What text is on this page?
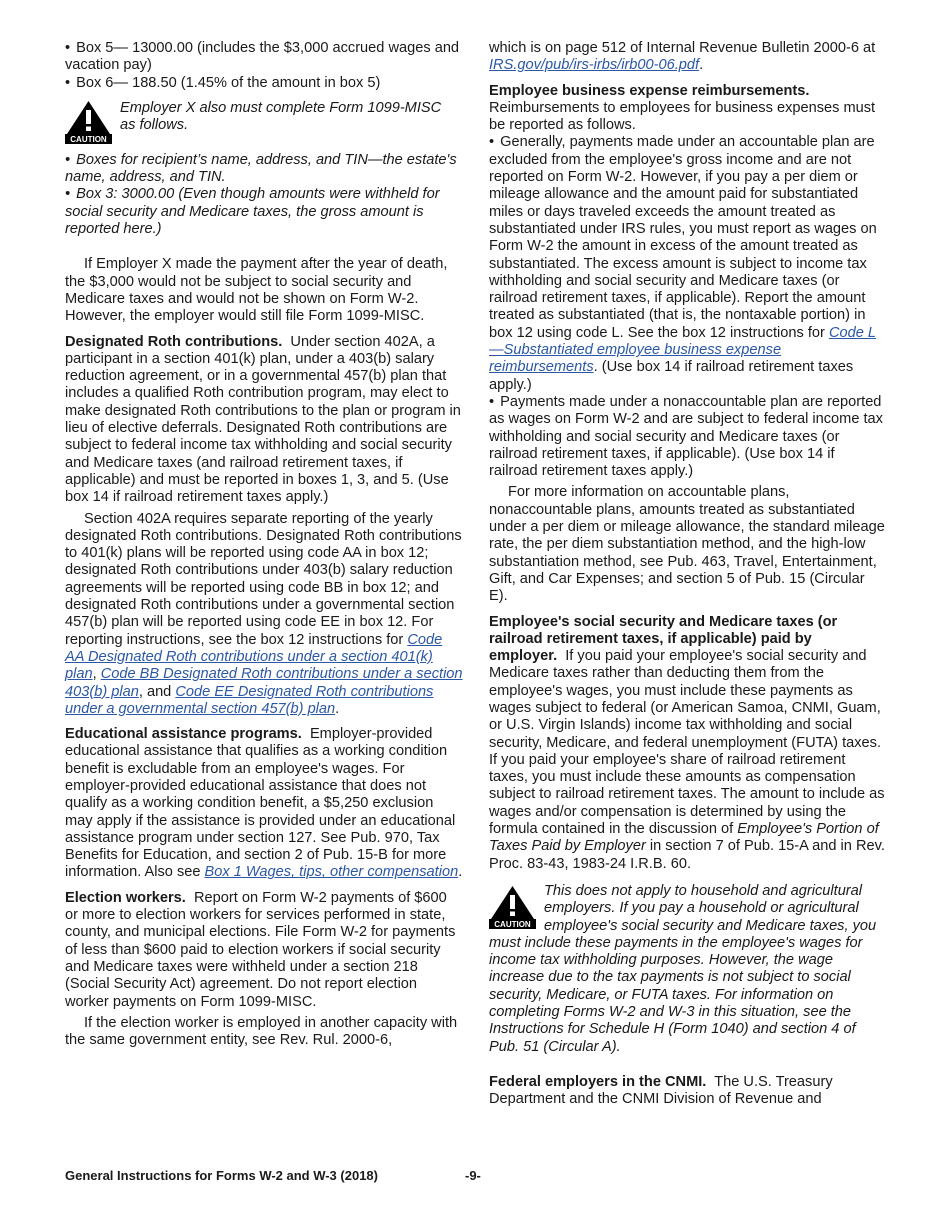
• Box 5— 13000.00 (includes the $3,000 accrued wages and vacation pay)

• Box 6— 188.50 (1.45% of the amount in box 5)

CAUTION

Employer X also must complete Form 1099-MISC as follows.

• Boxes for recipient’s name, address, and TIN—the estate's name, address, and TIN.

• Box 3: 3000.00 (Even though amounts were withheld for social security and Medicare taxes, the gross amount is reported here.)

If Employer X made the payment after the year of death, the $3,000 would not be subject to social security and Medicare taxes and would not be shown on Form W-2. However, the employer would still file Form 1099-MISC.

Designated Roth contributions. Under section 402A, a participant in a section 401(k) plan, under a 403(b) salary reduction agreement, or in a governmental 457(b) plan that includes a qualified Roth contribution program, may elect to make designated Roth contributions to the plan or program in lieu of elective deferrals. Designated Roth contributions are subject to federal income tax withholding and social security and Medicare taxes (and railroad retirement taxes, if applicable) and must be reported in boxes 1, 3, and 5. (Use box 14 if railroad retirement taxes apply.)

Section 402A requires separate reporting of the yearly designated Roth contributions. Designated Roth contributions to 401(k) plans will be reported using code AA in box 12; designated Roth contributions under 403(b) salary reduction agreements will be reported using code BB in box 12; and designated Roth contributions under a governmental section 457(b) plan will be reported using code EE in box 12. For reporting instructions, see the box 12 instructions for Code AA Designated Roth contributions under a section 401(k) plan, Code BB Designated Roth contributions under a section 403(b) plan, and Code EE Designated Roth contributions under a governmental section 457(b) plan.

Educational assistance programs. Employer-provided educational assistance that qualifies as a working condition benefit is excludable from an employee's wages. For employer-provided educational assistance that does not qualify as a working condition benefit, a $5,250 exclusion may apply if the assistance is provided under an educational assistance program under section 127. See Pub. 970, Tax Benefits for Education, and section 2 of Pub. 15-B for more information. Also see Box 1 Wages, tips, other compensation.

Election workers. Report on Form W-2 payments of $600 or more to election workers for services performed in state, county, and municipal elections. File Form W-2 for payments of less than $600 paid to election workers if social security and Medicare taxes were withheld under a section 218 (Social Security Act) agreement. Do not report election worker payments on Form 1099-MISC.

If the election worker is employed in another capacity with the same government entity, see Rev. Rul. 2000-6,

which is on page 512 of Internal Revenue Bulletin 2000-6 at IRS.gov/pub/irs-irbs/irb00-06.pdf.

Employee business expense reimbursements.

Reimbursements to employees for business expenses must be reported as follows.

• Generally, payments made under an accountable plan are excluded from the employee's gross income and are not reported on Form W-2. However, if you pay a per diem or mileage allowance and the amount paid for substantiated miles or days traveled exceeds the amount treated as substantiated under IRS rules, you must report as wages on Form W-2 the amount in excess of the amount treated as substantiated. The excess amount is subject to income tax withholding and social security and Medicare taxes (or railroad retirement taxes, if applicable). Report the amount treated as substantiated (that is, the nontaxable portion) in box 12 using code L. See the box 12 instructions for Code L—Substantiated employee business expense reimbursements. (Use box 14 if railroad retirement taxes apply.)

• Payments made under a nonaccountable plan are reported as wages on Form W-2 and are subject to federal income tax withholding and social security and Medicare taxes (or railroad retirement taxes, if applicable). (Use box 14 if railroad retirement taxes apply.)

For more information on accountable plans, nonaccountable plans, amounts treated as substantiated under a per diem or mileage allowance, the standard mileage rate, the per diem substantiation method, and the high-low substantiation method, see Pub. 463, Travel, Entertainment, Gift, and Car Expenses; and section 5 of Pub. 15 (Circular E).

Employee's social security and Medicare taxes (or railroad retirement taxes, if applicable) paid by employer. If you paid your employee's social security and Medicare taxes rather than deducting them from the employee's wages, you must include these payments as wages subject to federal (or American Samoa, CNMI, Guam, or U.S. Virgin Islands) income tax withholding and social security, Medicare, and federal unemployment (FUTA) taxes. If you paid your employee's share of railroad retirement taxes, you must include these amounts as compensation subject to railroad retirement taxes. The amount to include as wages and/or compensation is determined by using the formula contained in the discussion of Employee's Portion of Taxes Paid by Employer in section 7 of Pub. 15-A and in Rev. Proc. 83-43, 1983-24 I.R.B. 60.

CAUTION

This does not apply to household and agricultural employers. If you pay a household or agricultural employee's social security and Medicare taxes, you must include these payments in the employee's wages for income tax withholding purposes. However, the wage increase due to the tax payments is not subject to social security, Medicare, or FUTA taxes. For information on completing Forms W-2 and W-3 in this situation, see the Instructions for Schedule H (Form 1040) and section 4 of Pub. 51 (Circular A).

Federal employers in the CNMI. The U.S. Treasury Department and the CNMI Division of Revenue and

General Instructions for Forms W-2 and W-3 (2018)	-9-
